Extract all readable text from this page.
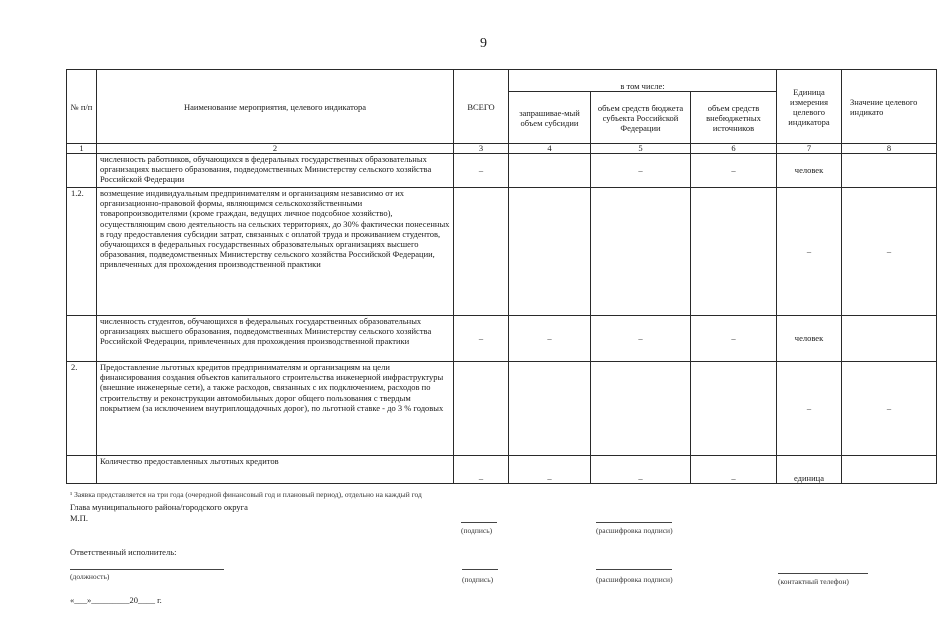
9
№ п/п	Наименование мероприятия, целевого индикатора	ВСЕГО	в том числе:			Единица измерения целевого индикатора	Значение целевого индикато
			запрашивае-мый объем субсидии	объем средств бюджета субъекта Российской Федерации	объем средств внебюджетных источников		
1	2	3	4	5	6	7	8
	численность работников, обучающихся в федеральных государственных образовательных организациях высшего образования, подведомственных Министерству сельского хозяйства Российской Федерации	–		–	–	человек	
1.2.	возмещение индивидуальным предпринимателям и организациям независимо от их организационно-правовой формы, являющимся сельскохозяйственными товаропроизводителями (кроме граждан, ведущих личное подсобное хозяйство), осуществляющим свою деятельность на сельских территориях, до 30% фактически понесенных в году предоставления субсидии затрат, связанных с оплатой труда и проживанием студентов, обучающихся в федеральных государственных образовательных организациях высшего образования, подведомственных Министерству сельского хозяйства Российской Федерации, привлеченных для прохождения производственной практики					–	–
	численность студентов, обучающихся в федеральных государственных образовательных организациях высшего образования, подведомственных Министерству сельского хозяйства Российской Федерации, привлеченных для прохождения производственной практики	–	–	–	–	человек	
2.	Предоставление льготных кредитов предпринимателям и организациям на цели финансирования создания объектов капитального строительства инженерной инфраструктуры (внешние инженерные сети), а также расходов, связанных с их подключением, расходов по строительству и реконструкции автомобильных дорог общего пользования с твердым покрытием (за исключением внутриплощадочных дорог), по льготной ставке - до 3 % годовых					–	–
	Количество предоставленных льготных кредитов	–	–	–	–	единица	
¹ Заявка представляется на три года (очередной финансовый год и плановый период), отдельно на каждый год
Глава муниципального района/городского округа
М.П.
(подпись)	(расшифровка подписи)
Ответственный исполнитель:
(должность)	(подпись)	(расшифровка подписи)	(контактный телефон)
«___»_________20____ г.
